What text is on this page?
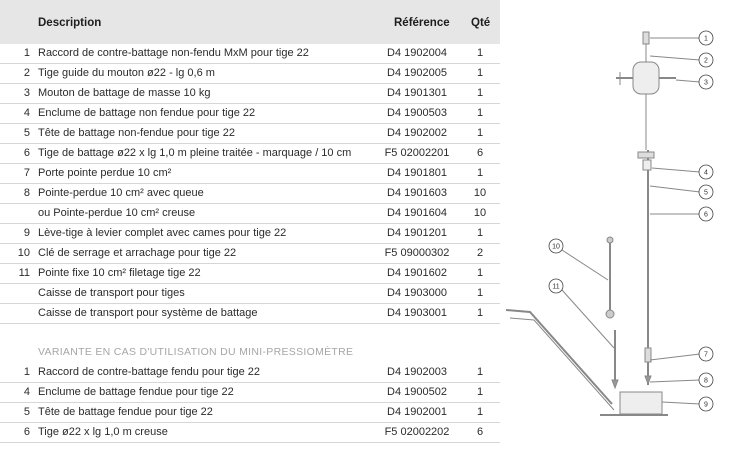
Description	Référence Qté
1 Raccord de contre-battage non-fendu MxM pour tige 22	D4 1902004	1
2 Tige guide du mouton ø22 - lg 0,6 m	D4 1902005	1
3 Mouton de battage de masse 10 kg	D4 1901301	1
4 Enclume de battage non fendue pour tige 22	D4 1900503	1
5 Tête de battage non-fendue pour tige 22	D4 1902002	1
6 Tige de battage ø22 x lg 1,0 m pleine traitée - marquage / 10 cm	F5 02002201	6
7 Porte pointe perdue 10 cm²	D4 1901801	1
8 Pointe-perdue 10 cm² avec queue	D4 1901603	10
ou Pointe-perdue 10 cm² creuse	D4 1901604	10
9 Lève-tige à levier complet avec cames pour tige 22	D4 1901201	1
10 Clé de serrage et arrachage pour tige 22	F5 09000302	2
11 Pointe fixe 10 cm² filetage tige 22	D4 1901602	1
Caisse de transport pour tiges	D4 1903000	1
Caisse de transport pour système de battage	D4 1903001	1
VARIANTE EN CAS D'UTILISATION DU MINI-PRESSIOMÈTRE
1 Raccord de contre-battage fendu pour tige 22	D4 1902003	1
4 Enclume de battage fendue pour tige 22	D4 1900502	1
5 Tête de battage fendue pour tige 22	D4 1902001	1
6 Tige ø22 x lg 1,0 m creuse	F5 02002202	6
1
2
3
4
5
6
7
8
9
10
11
